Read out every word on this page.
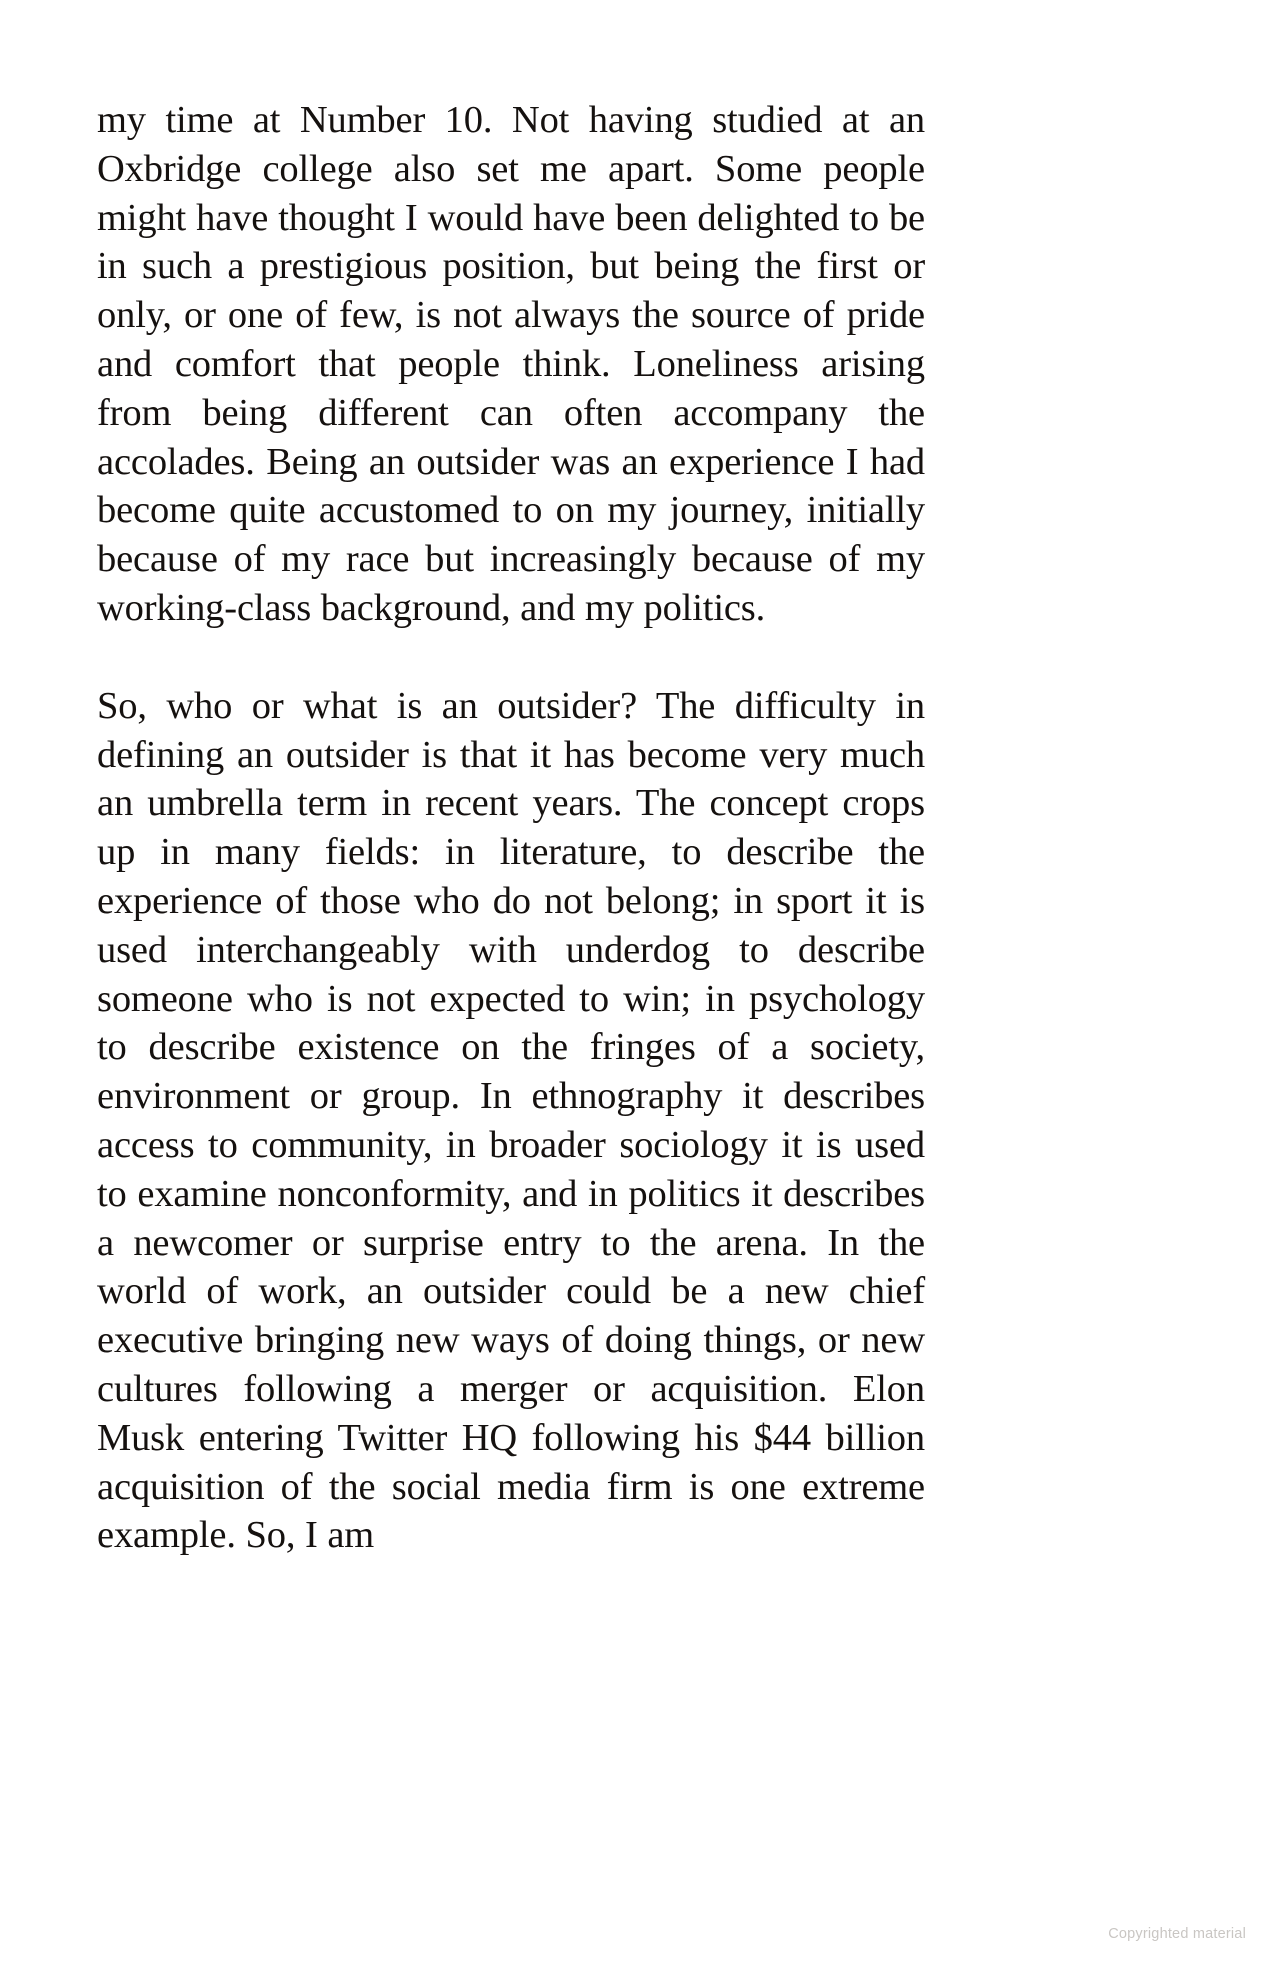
my time at Number 10. Not having studied at an Oxbridge college also set me apart. Some people might have thought I would have been delighted to be in such a prestigious position, but being the first or only, or one of few, is not always the source of pride and comfort that people think. Loneliness arising from being different can often accompany the accolades. Being an outsider was an experience I had become quite accustomed to on my journey, initially because of my race but increasingly because of my working-class background, and my politics.

So, who or what is an outsider? The difficulty in defining an outsider is that it has become very much an umbrella term in recent years. The concept crops up in many fields: in literature, to describe the experience of those who do not belong; in sport it is used interchangeably with underdog to describe someone who is not expected to win; in psychology to describe existence on the fringes of a society, environment or group. In ethnography it describes access to community, in broader sociology it is used to examine nonconformity, and in politics it describes a newcomer or surprise entry to the arena. In the world of work, an outsider could be a new chief executive bringing new ways of doing things, or new cultures following a merger or acquisition. Elon Musk entering Twitter HQ following his $44 billion acquisition of the social media firm is one extreme example. So, I am

Copyrighted material
